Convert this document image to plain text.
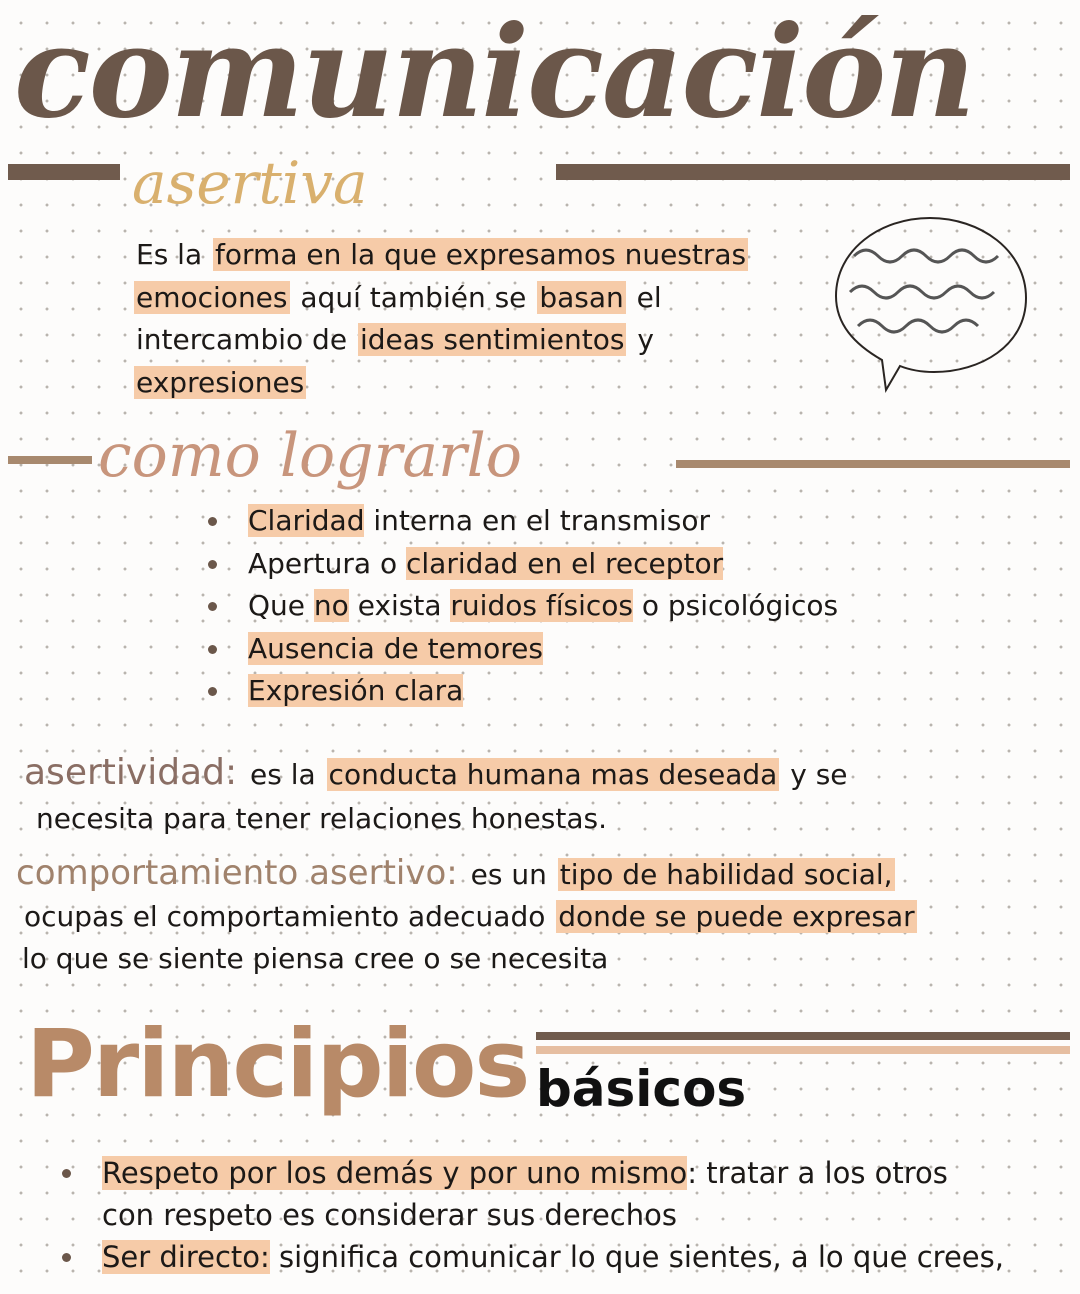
comunicación
asertiva

Es la forma en la que expresamos nuestras

emociones aquí también se basan el

intercambio de ideas sentimientos y

expresiones

como lograrlo
Claridad interna en el transmisor
Apertura o claridad en el receptor
Que no exista ruidos físicos o psicológicos
Ausencia de temores
Expresión clara
asertividad: es la conducta humana mas deseada y se
necesita para tener relaciones honestas.
comportamiento asertivo: es un tipo de habilidad social,
ocupas el comportamiento adecuado donde se puede expresar
lo que se siente piensa cree o se necesita
Principios básicos
Respeto por los demás y por uno mismo: tratar a los otros
con respeto es considerar sus derechos
Ser directo: significa comunicar lo que sientes, a lo que crees,
